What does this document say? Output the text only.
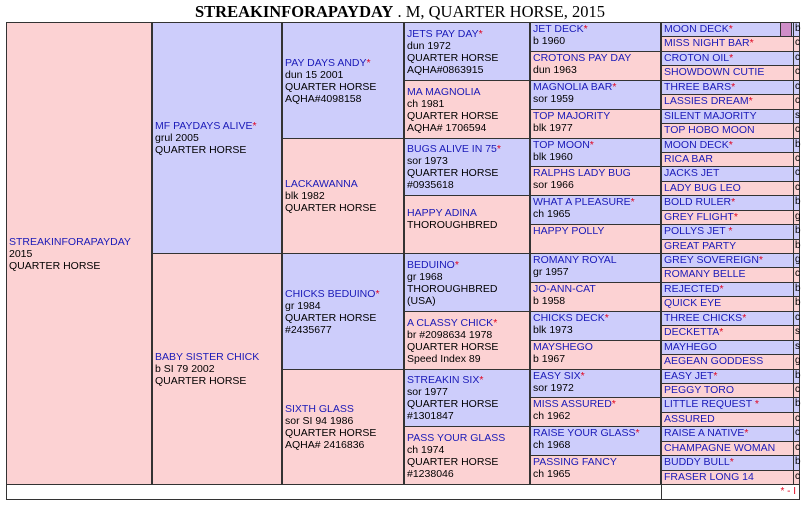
STREAKINFORAPAYDAY . M, QUARTER HORSE, 2015
STREAKINFORAPAYDAY
2015
QUARTER HORSE
MF PAYDAYS ALIVE*
grul 2005
QUARTER HORSE
BABY SISTER CHICK
b SI 79 2002
QUARTER HORSE
PAY DAYS ANDY*
dun 15 2001
QUARTER HORSE
AQHA#4098158
LACKAWANNA
blk 1982
QUARTER HORSE
CHICKS BEDUINO*
gr 1984
QUARTER HORSE
#2435677
SIXTH GLASS
sor SI 94 1986
QUARTER HORSE
AQHA# 2416836
JETS PAY DAY*
dun 1972
QUARTER HORSE
AQHA#0863915
MA MAGNOLIA
ch 1981
QUARTER HORSE
AQHA# 1706594
BUGS ALIVE IN 75*
sor 1973
QUARTER HORSE
#0935618
HAPPY ADINA
THOROUGHBRED

BEDUINO*
gr 1968
THOROUGHBRED
(USA)
A CLASSY CHICK*
br #2098634 1978
QUARTER HORSE
Speed Index 89
STREAKIN SIX*
sor 1977
QUARTER HORSE
#1301847
PASS YOUR GLASS
ch 1974
QUARTER HORSE
#1238046
JET DECK*
b 1960
CROTONS PAY DAY
dun 1963
MAGNOLIA BAR*
sor 1959
TOP MAJORITY
blk 1977
TOP MOON*
blk 1960
RALPHS LADY BUG
sor 1966
WHAT A PLEASURE*
ch 1965
HAPPY POLLY
ROMANY ROYAL
gr 1957
JO-ANN-CAT
b 1958
CHICKS DECK*
blk 1973
MAYSHEGO
b 1967
EASY SIX*
sor 1972
MISS ASSURED*
ch 1962
RAISE YOUR GLASS*
ch 1968
PASSING FANCY
ch 1965
MOON DECK*
MISS NIGHT BAR*
CROTON OIL*
SHOWDOWN CUTIE
THREE BARS*
LASSIES DREAM*
SILENT MAJORITY
TOP HOBO MOON
MOON DECK*
RICA BAR
JACKS JET
LADY BUG LEO
BOLD RULER*
GREY FLIGHT*
POLLYS JET *
GREAT PARTY
GREY SOVEREIGN*
ROMANY BELLE
REJECTED*
QUICK EYE
THREE CHICKS*
DECKETTA*
MAYHEGO
AEGEAN GODDESS
EASY JET*
PEGGY TORO
LITTLE REQUEST *
ASSURED
RAISE A NATIVE*
CHAMPAGNE WOMAN
BUDDY BULL*
FRASER LONG 14
* - I
b
c
c
c
c
c
s
c
b
c
c
c
b
g
b
b
g
c
b
b
c
s
s
g
b
c
b
c
c
c
b
c
